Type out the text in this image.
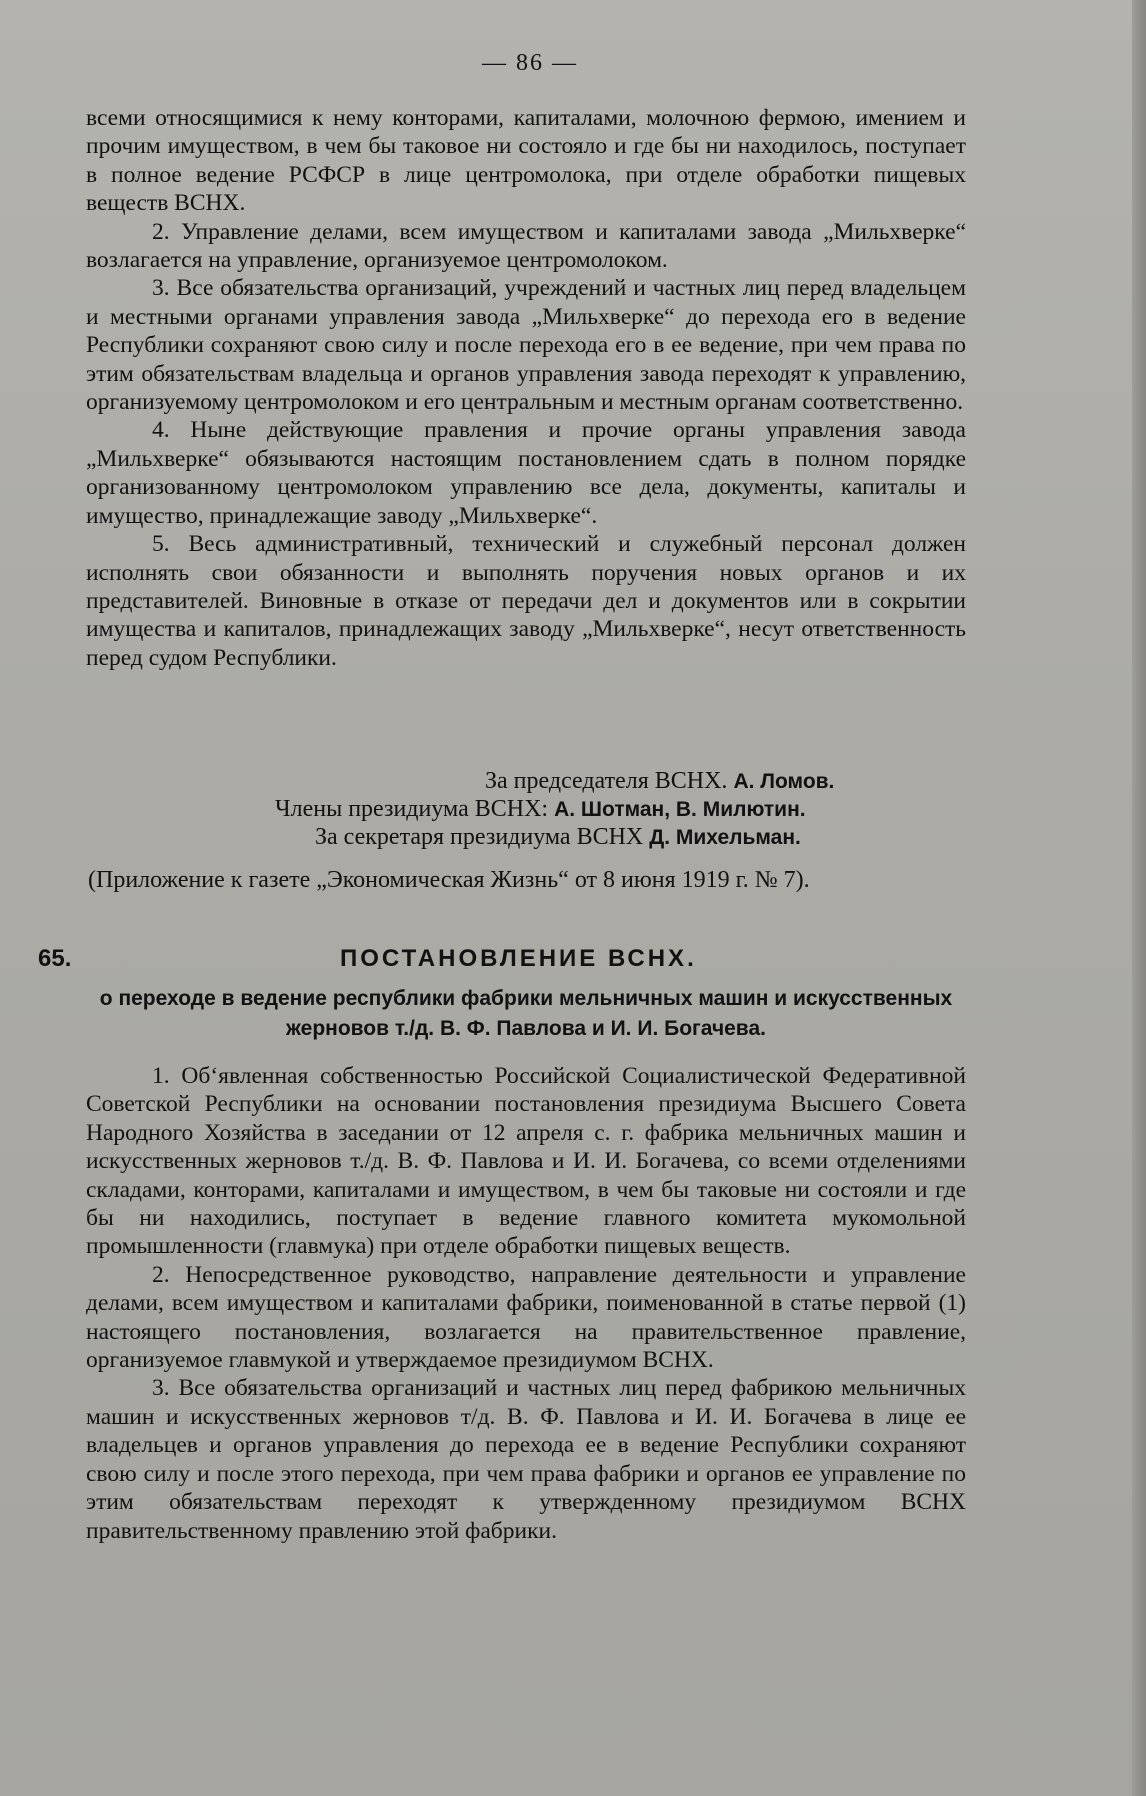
— 86 —

всеми относящимися к нему конторами, капиталами, молочною фермою, имением и прочим имуществом, в чем бы таковое ни состояло и где бы ни находилось, поступает в полное ведение РСФСР в лице центромолока, при отделе обработки пищевых веществ ВСНХ.

2. Управление делами, всем имуществом и капиталами завода „Мильхверке“ возлагается на управление, организуемое центромолоком.

3. Все обязательства организаций, учреждений и частных лиц перед владельцем и местными органами управления завода „Мильхверке“ до перехода его в ведение Республики сохраняют свою силу и после перехода его в ее ведение, при чем права по этим обязательствам владельца и органов управления завода переходят к управлению, организуемому центромолоком и его центральным и местным органам соответственно.

4. Ныне действующие правления и прочие органы управления завода „Мильхверке“ обязываются настоящим постановлением сдать в полном порядке организованному центромолоком управлению все дела, документы, капиталы и имущество, принадлежащие заводу „Мильхверке“.

5. Весь административный, технический и служебный персонал должен исполнять свои обязанности и выполнять поручения новых органов и их представителей. Виновные в отказе от передачи дел и документов или в сокрытии имущества и капиталов, принадлежащих заводу „Мильхверке“, несут ответственность перед судом Республики.

За председателя ВСНХ. А. Ломов.
Члены президиума ВСНХ: А. Шотман, В. Милютин.
За секретаря президиума ВСНХ Д. Михельман.
(Приложение к газете „Экономическая Жизнь“ от 8 июня 1919 г. № 7).
65.	ПОСТАНОВЛЕНИЕ ВСНХ.
о переходе в ведение республики фабрики мельничных машин и искусственных жерновов т./д. В. Ф. Павлова и И. И. Богачева.

1. Об‘явленная собственностью Российской Социалистической Федеративной Советской Республики на основании постановления президиума Высшего Совета Народного Хозяйства в заседании от 12 апреля с. г. фабрика мельничных машин и искусственных жерновов т./д. В. Ф. Павлова и И. И. Богачева, со всеми отделениями складами, конторами, капиталами и имуществом, в чем бы таковые ни состояли и где бы ни находились, поступает в ведение главного комитета мукомольной промышленности (главмука) при отделе обработки пищевых веществ.

2. Непосредственное руководство, направление деятельности и управление делами, всем имуществом и капиталами фабрики, поименованной в статье первой (1) настоящего постановления, возлагается на правительственное правление, организуемое главмукой и утверждаемое президиумом ВСНХ.

3. Все обязательства организаций и частных лиц перед фабрикою мельничных машин и искусственных жерновов т/д. В. Ф. Павлова и И. И. Богачева в лице ее владельцев и органов управления до перехода ее в ведение Республики сохраняют свою силу и после этого перехода, при чем права фабрики и органов ее управление по этим обязательствам переходят к утвержденному президиумом ВСНХ правительственному правлению этой фабрики.
